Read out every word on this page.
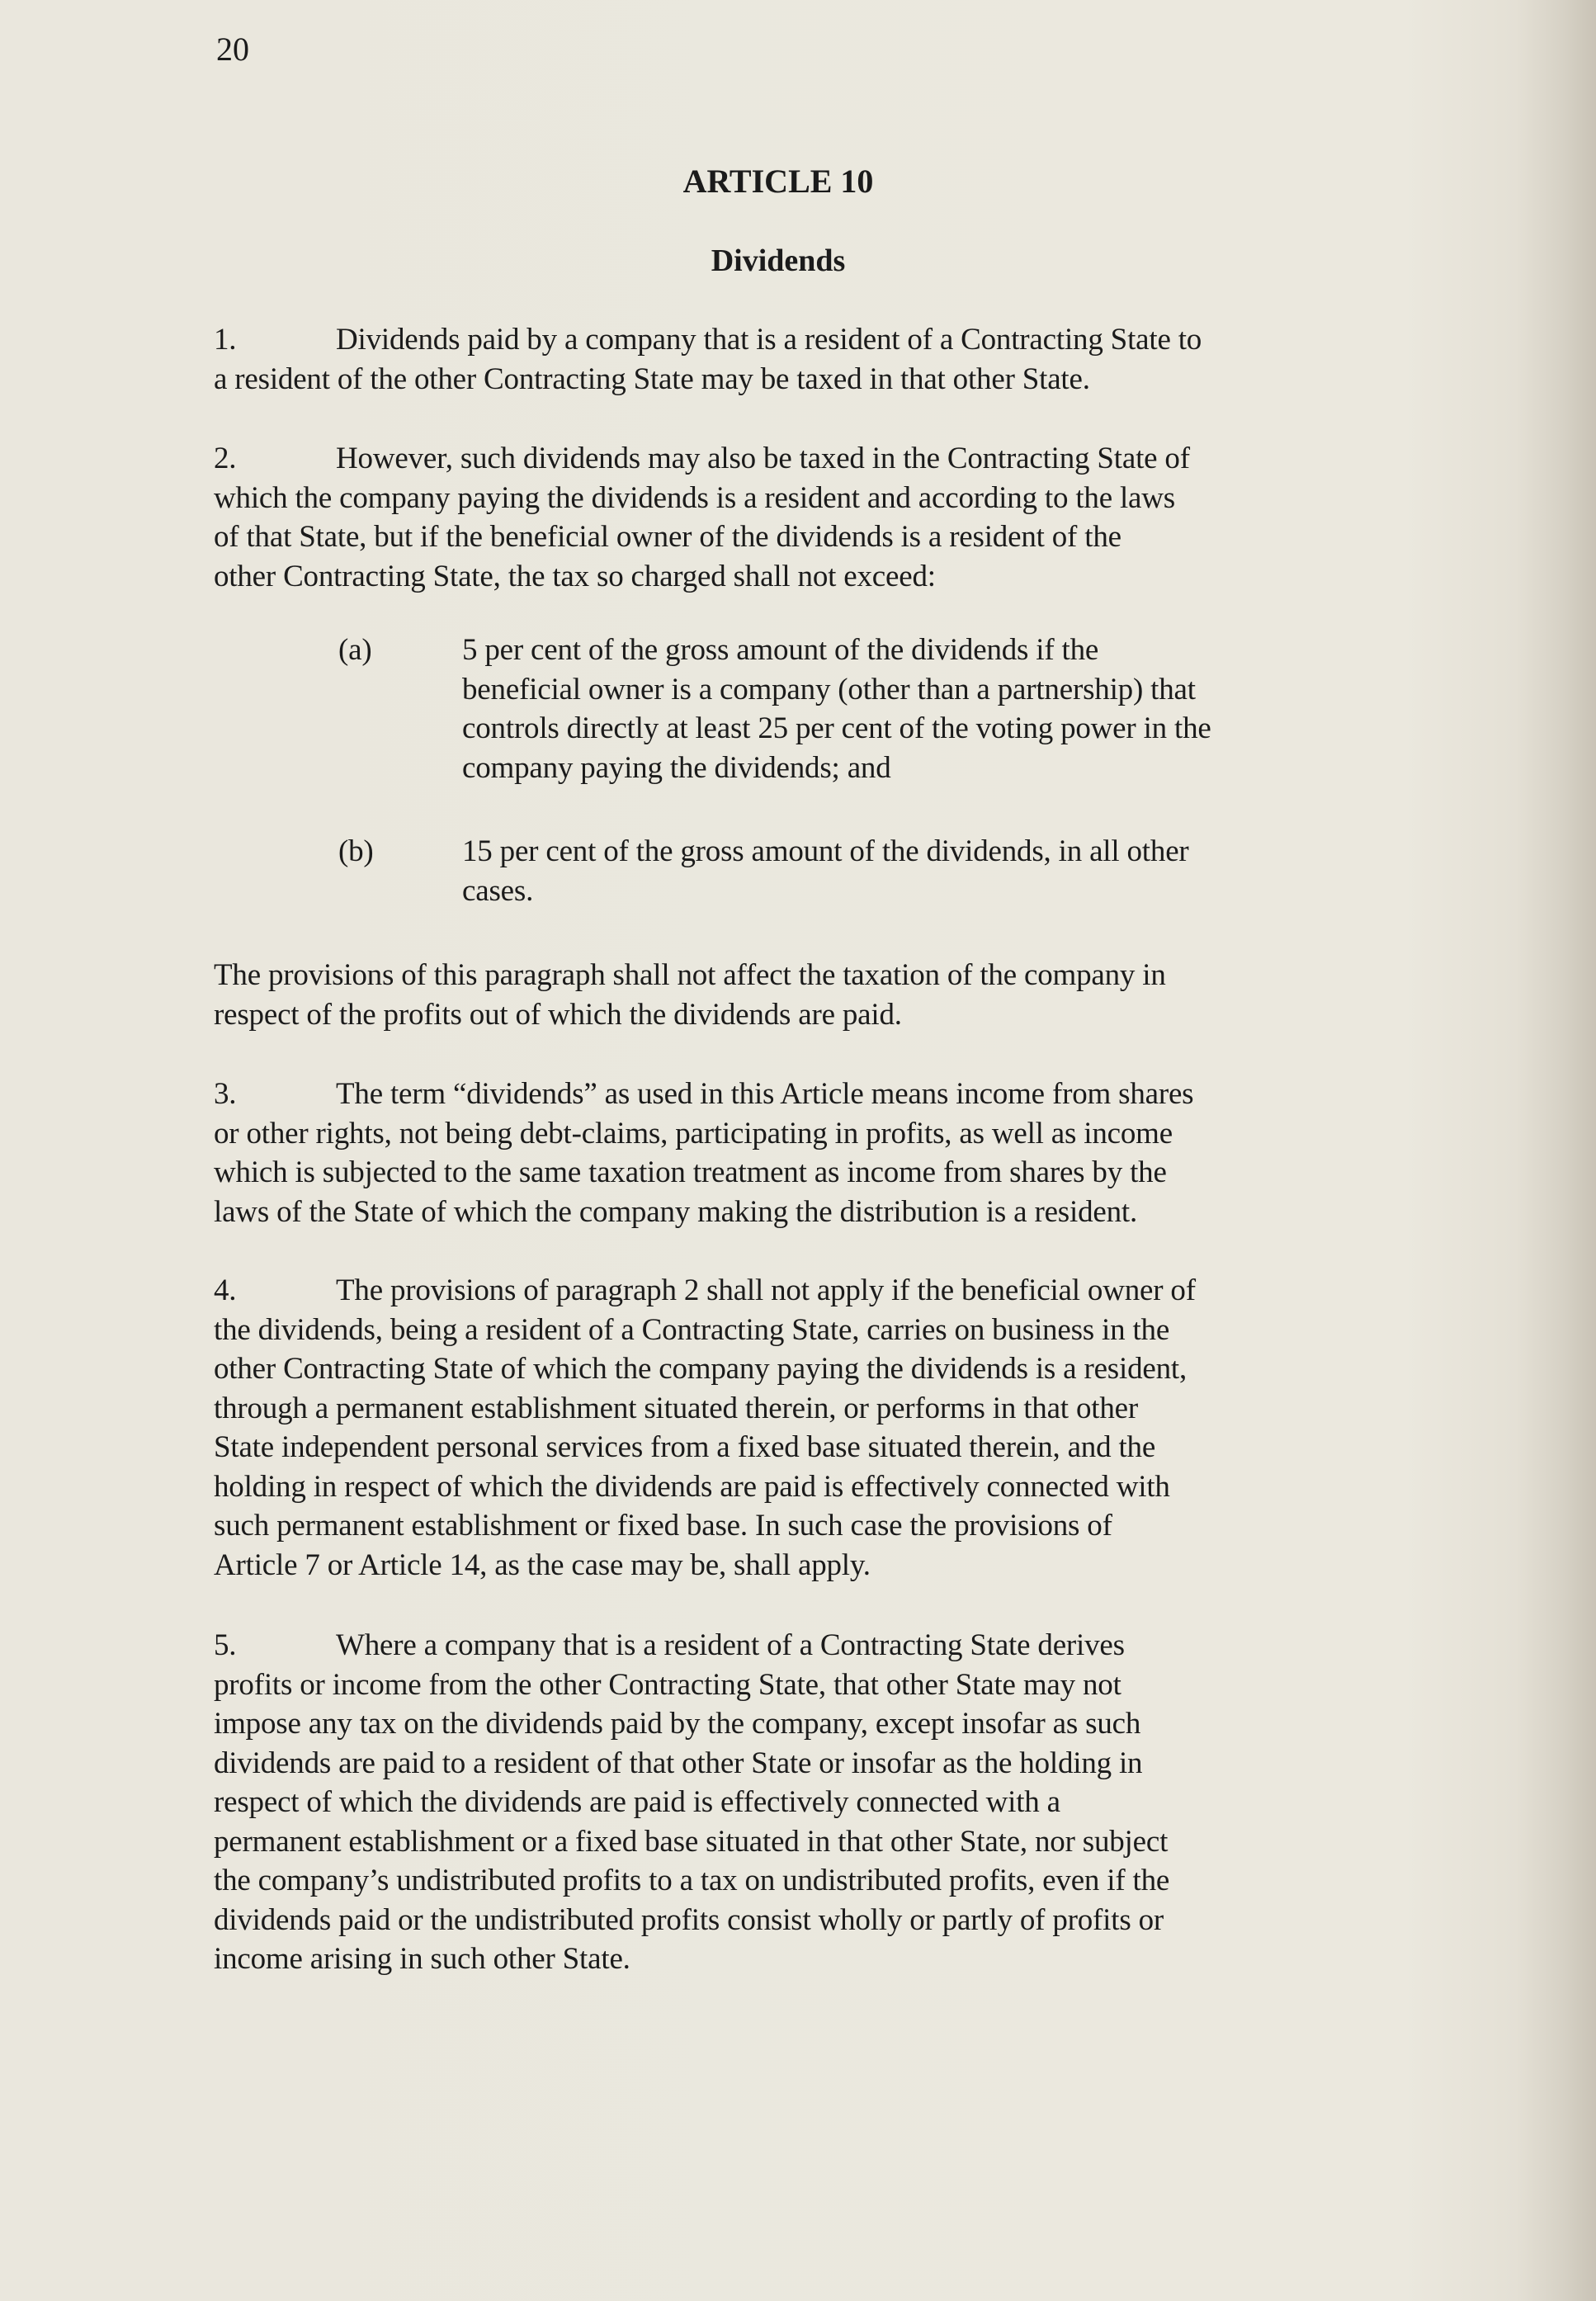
20
ARTICLE 10
Dividends
1.	Dividends paid by a company that is a resident of a Contracting State to
a resident of the other Contracting State may be taxed in that other State.
2.	However, such dividends may also be taxed in the Contracting State of
which the company paying the dividends is a resident and according to the laws
of that State, but if the beneficial owner of the dividends is a resident of the
other Contracting State, the tax so charged shall not exceed:
(a)	5 per cent of the gross amount of the dividends if the
beneficial owner is a company (other than a partnership) that
controls directly at least 25 per cent of the voting power in the
company paying the dividends; and
(b)	15 per cent of the gross amount of the dividends, in all other
cases.
The provisions of this paragraph shall not affect the taxation of the company in
respect of the profits out of which the dividends are paid.
3.	The term “dividends” as used in this Article means income from shares
or other rights, not being debt-claims, participating in profits, as well as income
which is subjected to the same taxation treatment as income from shares by the
laws of the State of which the company making the distribution is a resident.
4.	The provisions of paragraph 2 shall not apply if the beneficial owner of
the dividends, being a resident of a Contracting State, carries on business in the
other Contracting State of which the company paying the dividends is a resident,
through a permanent establishment situated therein, or performs in that other
State independent personal services from a fixed base situated therein, and the
holding in respect of which the dividends are paid is effectively connected with
such permanent establishment or fixed base. In such case the provisions of
Article 7 or Article 14, as the case may be, shall apply.
5.	Where a company that is a resident of a Contracting State derives
profits or income from the other Contracting State, that other State may not
impose any tax on the dividends paid by the company, except insofar as such
dividends are paid to a resident of that other State or insofar as the holding in
respect of which the dividends are paid is effectively connected with a
permanent establishment or a fixed base situated in that other State, nor subject
the company’s undistributed profits to a tax on undistributed profits, even if the
dividends paid or the undistributed profits consist wholly or partly of profits or
income arising in such other State.
